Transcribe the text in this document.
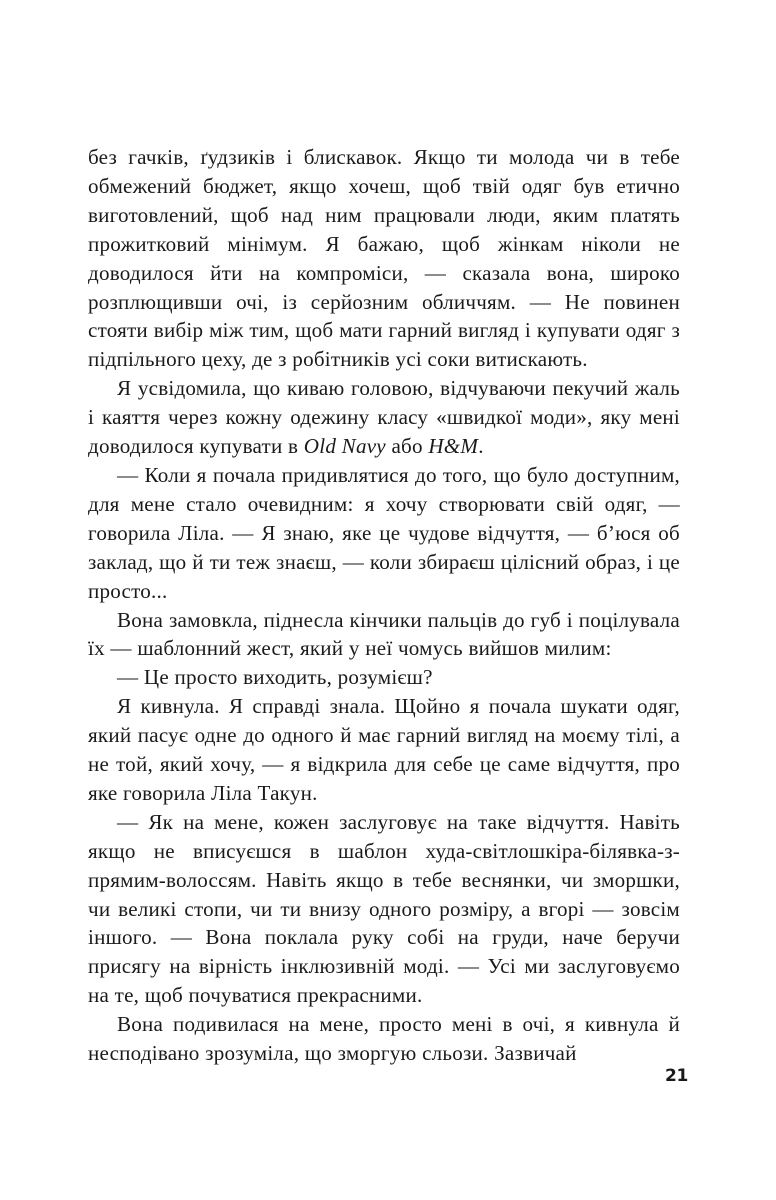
без гачків, ґудзиків і блискавок. Якщо ти молода чи в тебе обмежений бюджет, якщо хочеш, щоб твій одяг був етично виготовлений, щоб над ним працювали люди, яким платять прожитковий мінімум. Я бажаю, щоб жінкам ніколи не доводилося йти на компроміси, — сказала вона, широко розплющивши очі, із серйозним обличчям. — Не повинен стояти вибір між тим, щоб мати гарний вигляд і купувати одяг з підпільного цеху, де з робітників усі соки витискають.

Я усвідомила, що киваю головою, відчуваючи пекучий жаль і каяття через кожну одежину класу «швидкої моди», яку мені доводилося купувати в Old Navy або H&M.

— Коли я почала придивлятися до того, що було доступним, для мене стало очевидним: я хочу створювати свій одяг, — говорила Ліла. — Я знаю, яке це чудове відчуття, — б’юся об заклад, що й ти теж знаєш, — коли збираєш цілісний образ, і це просто...

Вона замовкла, піднесла кінчики пальців до губ і поцілувала їх — шаблонний жест, який у неї чомусь вийшов милим:

— Це просто виходить, розумієш?

Я кивнула. Я справді знала. Щойно я почала шукати одяг, який пасує одне до одного й має гарний вигляд на моєму тілі, а не той, який хочу, — я відкрила для себе це саме відчуття, про яке говорила Ліла Такун.

— Як на мене, кожен заслуговує на таке відчуття. Навіть якщо не вписуєшся в шаблон худа-світлошкіра-білявка-з-прямим-волоссям. Навіть якщо в тебе веснянки, чи зморшки, чи великі стопи, чи ти внизу одного розміру, а вгорі — зовсім іншого. — Вона поклала руку собі на груди, наче беручи присягу на вірність інклюзивній моді. — Усі ми заслуговуємо на те, щоб почуватися прекрасними.

Вона подивилася на мене, просто мені в очі, я кивнула й несподівано зрозуміла, що зморгую сльози. Зазвичай

21
